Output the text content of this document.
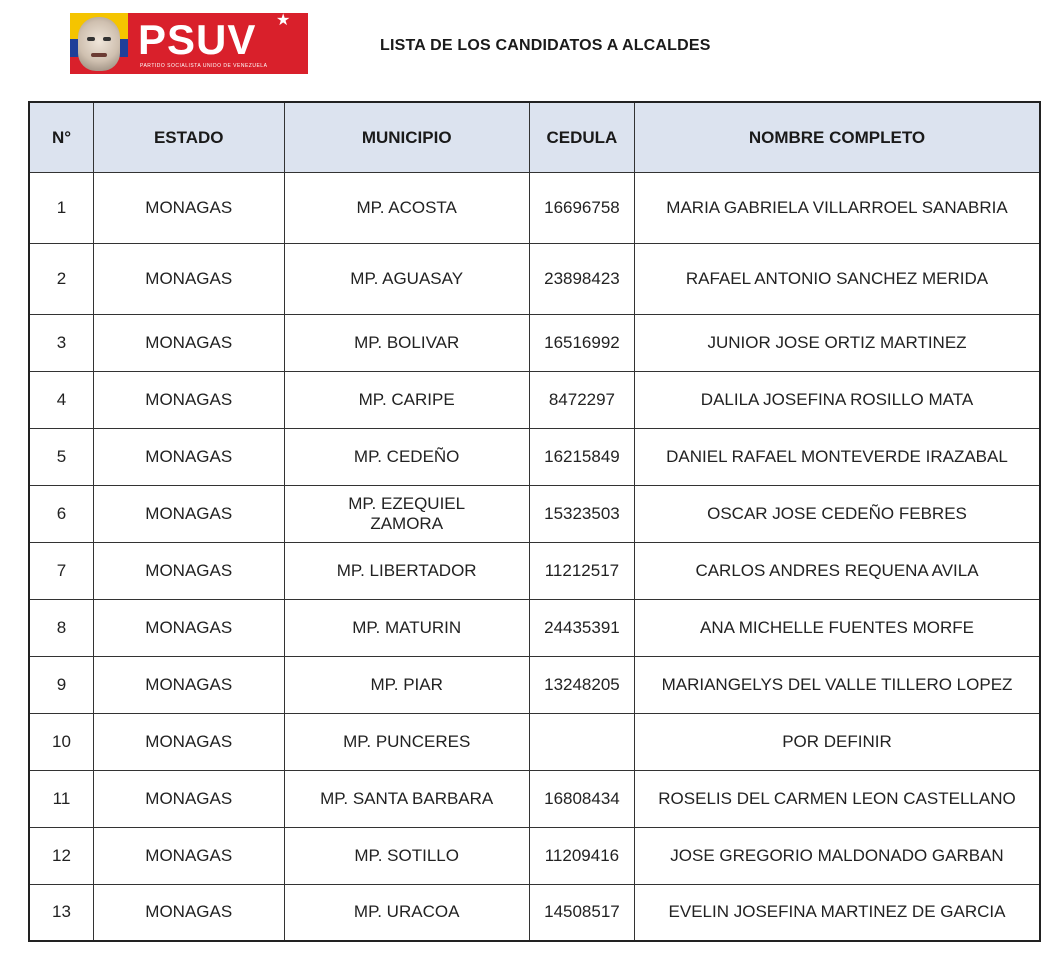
PSUV ★
PARTIDO SOCIALISTA UNIDO DE VENEZUELA
LISTA DE LOS CANDIDATOS A ALCALDES
N°	ESTADO	MUNICIPIO	CEDULA	NOMBRE COMPLETO
1	MONAGAS	MP. ACOSTA	16696758	MARIA GABRIELA VILLARROEL SANABRIA
2	MONAGAS	MP. AGUASAY	23898423	RAFAEL ANTONIO SANCHEZ MERIDA
3	MONAGAS	MP. BOLIVAR	16516992	JUNIOR JOSE ORTIZ MARTINEZ
4	MONAGAS	MP. CARIPE	8472297	DALILA JOSEFINA ROSILLO MATA
5	MONAGAS	MP. CEDEÑO	16215849	DANIEL RAFAEL MONTEVERDE IRAZABAL
6	MONAGAS	MP. EZEQUIEL ZAMORA	15323503	OSCAR JOSE CEDEÑO FEBRES
7	MONAGAS	MP. LIBERTADOR	11212517	CARLOS ANDRES REQUENA AVILA
8	MONAGAS	MP. MATURIN	24435391	ANA MICHELLE FUENTES MORFE
9	MONAGAS	MP. PIAR	13248205	MARIANGELYS DEL VALLE TILLERO LOPEZ
10	MONAGAS	MP. PUNCERES		POR DEFINIR
11	MONAGAS	MP. SANTA BARBARA	16808434	ROSELIS DEL CARMEN LEON CASTELLANO
12	MONAGAS	MP. SOTILLO	11209416	JOSE GREGORIO MALDONADO GARBAN
13	MONAGAS	MP. URACOA	14508517	EVELIN JOSEFINA MARTINEZ DE GARCIA
